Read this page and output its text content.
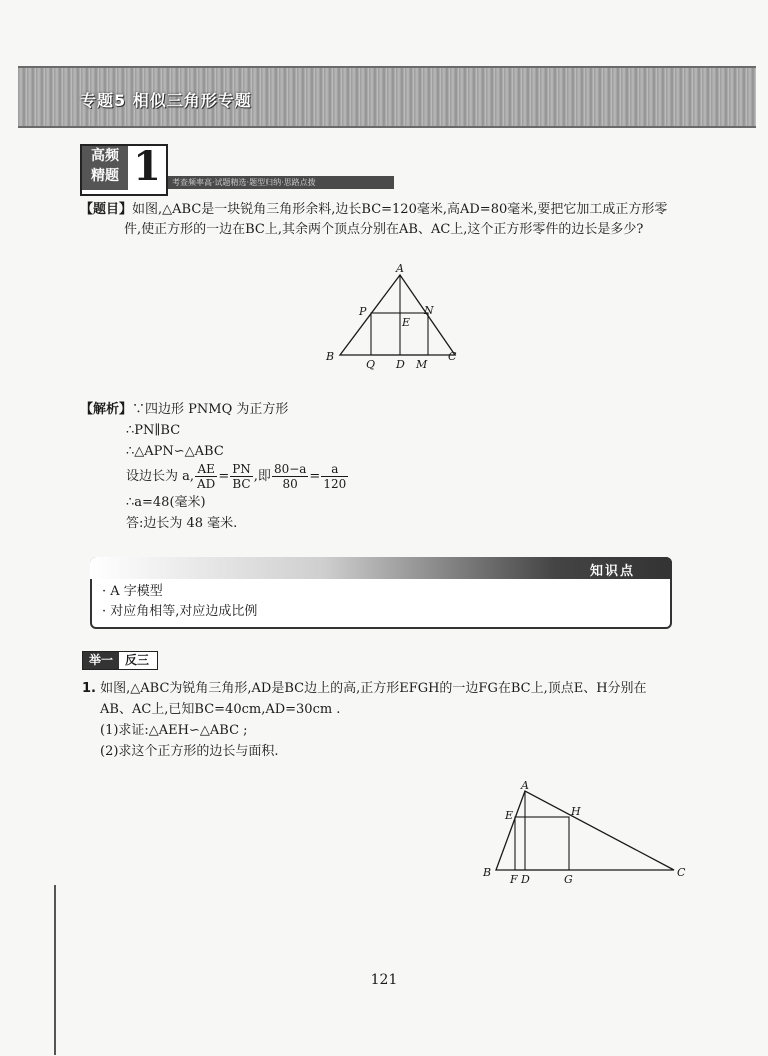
专题5 相似三角形专题
高频
精题 1	考查频率高·试题精选·题型归纳·思路点拨
【题目】如图,△ABC是一块锐角三角形余料,边长BC=120毫米,高AD=80毫米,要把它加工成正方形零
件,使正方形的一边在BC上,其余两个顶点分别在AB、AC上,这个正方形零件的边长是多少?
A
P	N
E
B
Q D M
C
【解析】∵四边形 PNMQ 为正方形
∴PN∥BC
∴△APN∽△ABC
设边长为 a, $\frac{AE}{AD} = \frac{PN}{BC}$ ,即 $\frac{80-a}{80} = \frac{a}{120}$
∴a=48(毫米)
答:边长为 48 毫米.
知识点
· A 字模型
· 对应角相等,对应边成比例
举一 反三
1. 如图,△ABC为锐角三角形,AD是BC边上的高,正方形EFGH的一边FG在BC上,顶点E、H分别在
AB、AC上,已知BC=40cm,AD=30cm .
(1)求证:△AEH∽△ABC ;
(2)求这个正方形的边长与面积.
A
E	H
B
F D	G
C
121
